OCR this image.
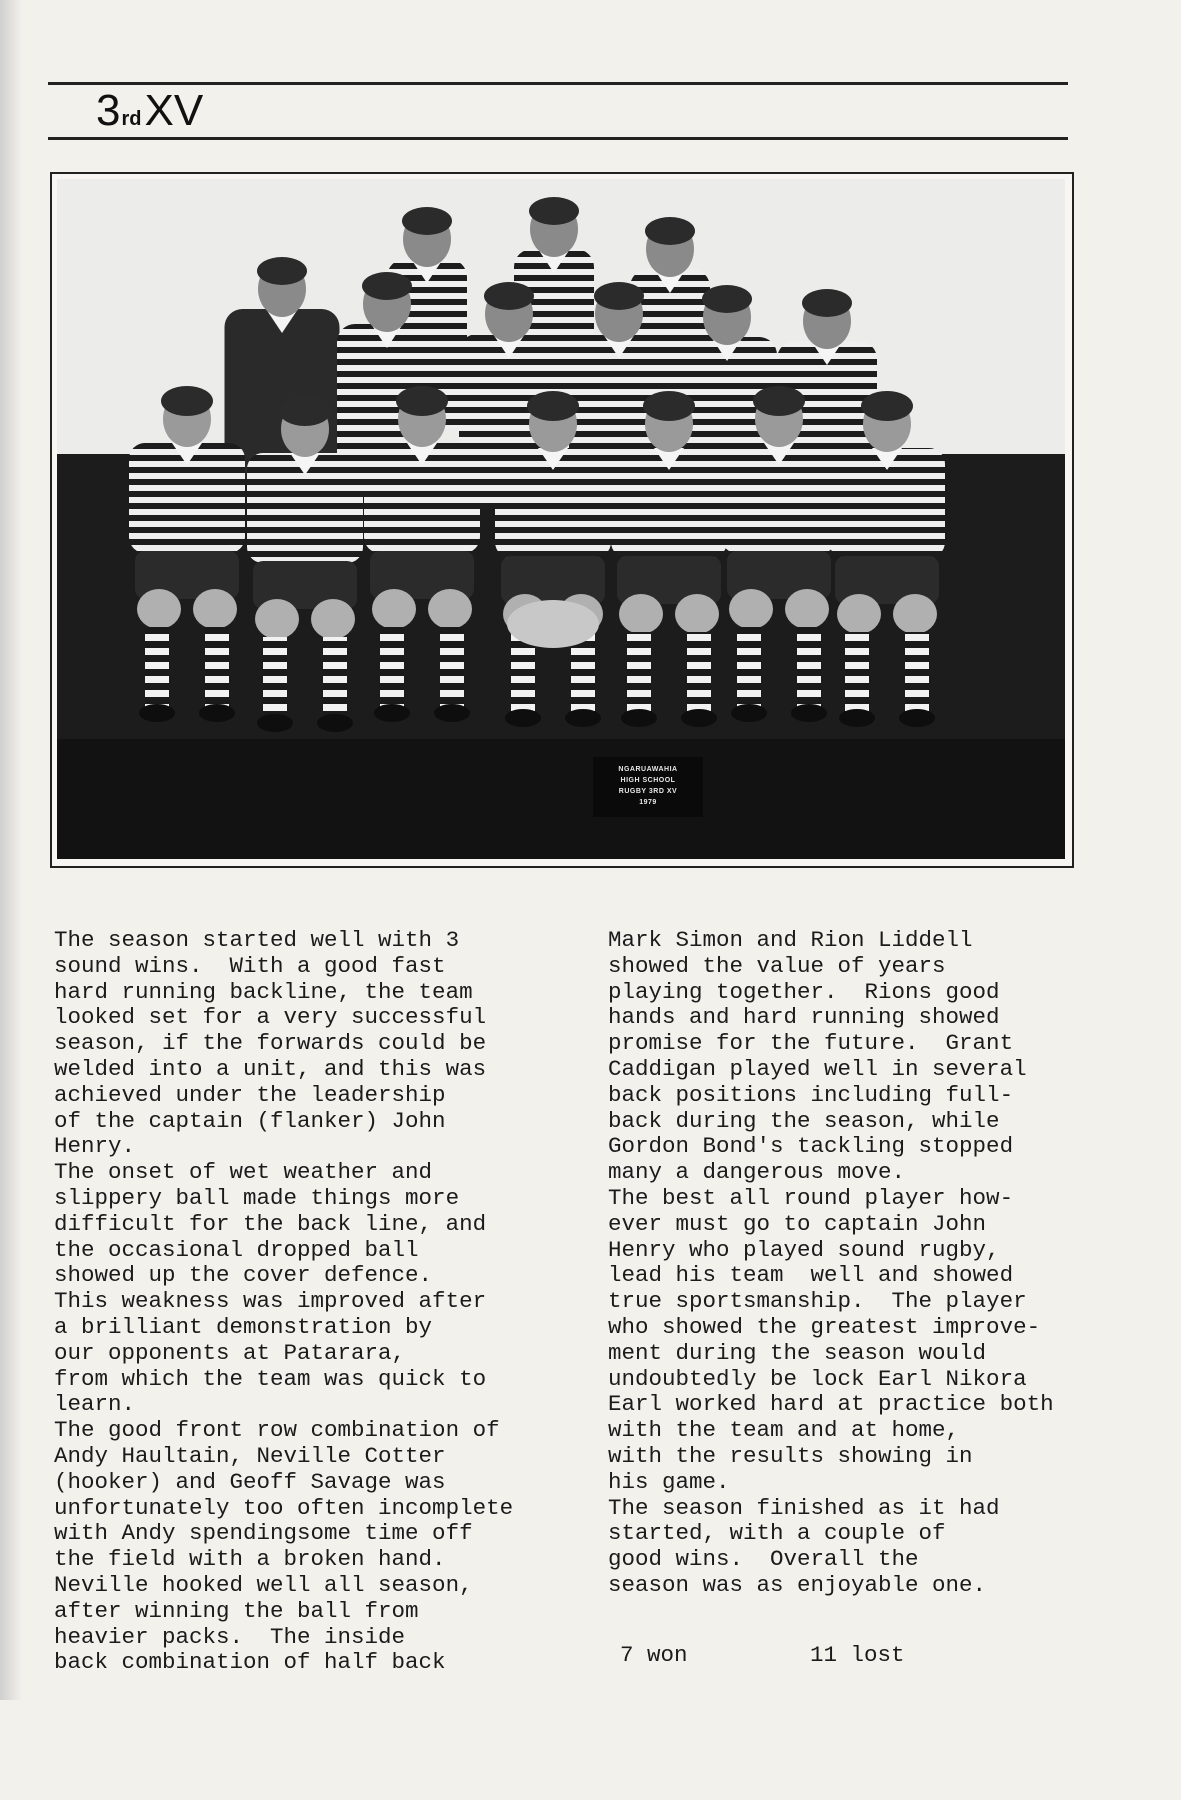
3 rd XV
NGARUAWAHIA
HIGH SCHOOL
RUGBY 3RD XV
1979
The season started well with 3
sound wins.  With a good fast
hard running backline, the team
looked set for a very successful
season, if the forwards could be
welded into a unit, and this was
achieved under the leadership
of the captain (flanker) John
Henry.
The onset of wet weather and
slippery ball made things more
difficult for the back line, and
the occasional dropped ball
showed up the cover defence.
This weakness was improved after
a brilliant demonstration by
our opponents at Patarara,
from which the team was quick to
learn.
The good front row combination of
Andy Haultain, Neville Cotter
(hooker) and Geoff Savage was
unfortunately too often incomplete
with Andy spendingsome time off
the field with a broken hand.
Neville hooked well all season,
after winning the ball from
heavier packs.  The inside
back combination of half back
Mark Simon and Rion Liddell
showed the value of years
playing together.  Rions good
hands and hard running showed
promise for the future.  Grant
Caddigan played well in several
back positions including full-
back during the season, while
Gordon Bond's tackling stopped
many a dangerous move.
The best all round player how-
ever must go to captain John
Henry who played sound rugby,
lead his team  well and showed
true sportsmanship.  The player
who showed the greatest improve-
ment during the season would
undoubtedly be lock Earl Nikora
Earl worked hard at practice both
with the team and at home,
with the results showing in
his game.
The season finished as it had
started, with a couple of
good wins.  Overall the
season was as enjoyable one.
7 won	11 lost
